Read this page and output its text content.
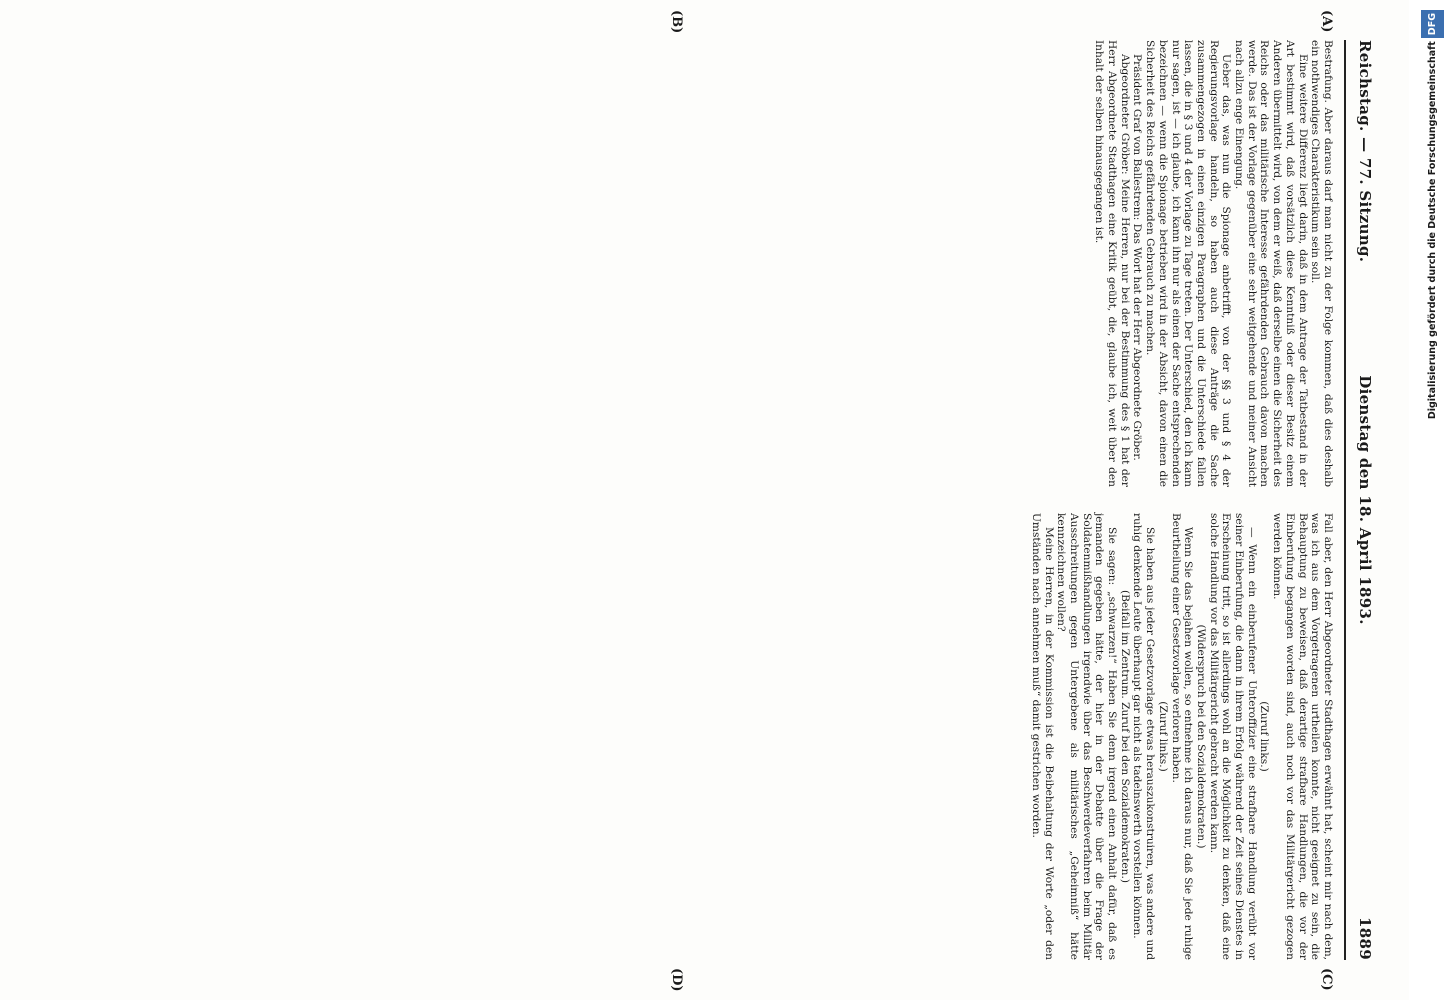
Reichstag. — 77. Sitzung.
Dienstag den 18. April 1893.
1889

Bestrafung. Aber daraus darf man nicht zu der Folge kommen, daß dies deshalb ein nothwendiges Charakteristikum sein soll.

Eine weitere Differenz liegt darin, daß in dem Antrage der Tatbestand in der Art bestimmt wird, daß vorsätzlich diese Kenntniß oder dieser Besitz einem Anderen übermittelt wird, von dem er weiß, daß derselbe einen die Sicherheit des Reichs oder das militärische Interesse gefährdenden Gebrauch davon machen werde. Das ist der Vorlage gegenüber eine sehr weitgehende und meiner Ansicht nach allzu enge Einengung.

Ueber das, was nun die Spionage anbetrifft, von der §§ 3 und § 4 der Regierungsvorlage handeln, so haben auch diese Anträge die Sache zusammengezogen in einen einzigen Paragraphen und die Unterschiede fallen lassen, die in § 3 und 4 der Vorlage zu Tage treten. Der Unterschied, den ich kann nur sagen, ist — ich glaube, ich kann ihn nur als einen der Sache entsprechenden bezeichnen — wenn die Spionage betrieben wird in der Absicht, davon einen die Sicherheit des Reichs gefährdenden Gebrauch zu machen.

Präsident Graf von Ballestrem: Das Wort hat der Herr Abgeordnete Gröber.

Abgeordneter Gröber: Meine Herren, nur bei der Bestimmung des § 1 hat der Herr Abgeordnete Stadthagen eine Kritik geübt, die, glaube ich, weit über den Inhalt der selben hinausgegangen ist.

Fall aber, den Herr Abgeordneter Stadthagen erwähnt hat, scheint mir nach dem, was ich aus dem Vorgetragenen urtheilen konnte, nicht geeignet zu sein, die Behauptung zu beweisen, daß derartige strafbare Handlungen, die vor der Einberufung begangen worden sind, auch noch vor das Militärgericht gezogen werden können.

(Zuruf links.)

— Wenn ein einberufener Unteroffizier eine strafbare Handlung verübt vor seiner Einberufung, die dann in ihrem Erfolg während der Zeit seines Dienstes in Erscheinung tritt, so ist allerdings wohl an die Möglichkeit zu denken, daß eine solche Handlung vor das Militärgericht gebracht werden kann.

(Widerspruch bei den Sozialdemokraten.)

Wenn Sie das bejahen wollen, so entnehme ich daraus nur, daß Sie jede ruhige Beurtheilung einer Gesetzvorlage verloren haben.

(Zuruf links.)

Sie haben aus jeder Gesetzvorlage etwas herauszukonstruiren, was andere und ruhig denkende Leute überhaupt gar nicht als tadelnswerth vorstellen können.

(Beifall im Zentrum. Zuruf bei den Sozialdemokraten.)

Sie sagen: „schwarzen!“ Haben Sie denn irgend einen Anhalt dafür, daß es jemanden gegeben hätte, der hier in der Debatte über die Frage der Soldatenmißhandlungen irgendwie über das Beschwerdeverfahren beim Militär Ausschreitungen gegen Untergebene als militärisches „Geheimniß“ hätte kennzeichnen wollen?

Meine Herren, in der Kommission ist die Beibehaltung der Worte „oder den Umständen nach annehmen muß“ damit gestrichen worden.

(A)
(B)
(C)
(D)
Digitalisierung gefördert durch die Deutsche ForschungsgemeinschaftDFG
